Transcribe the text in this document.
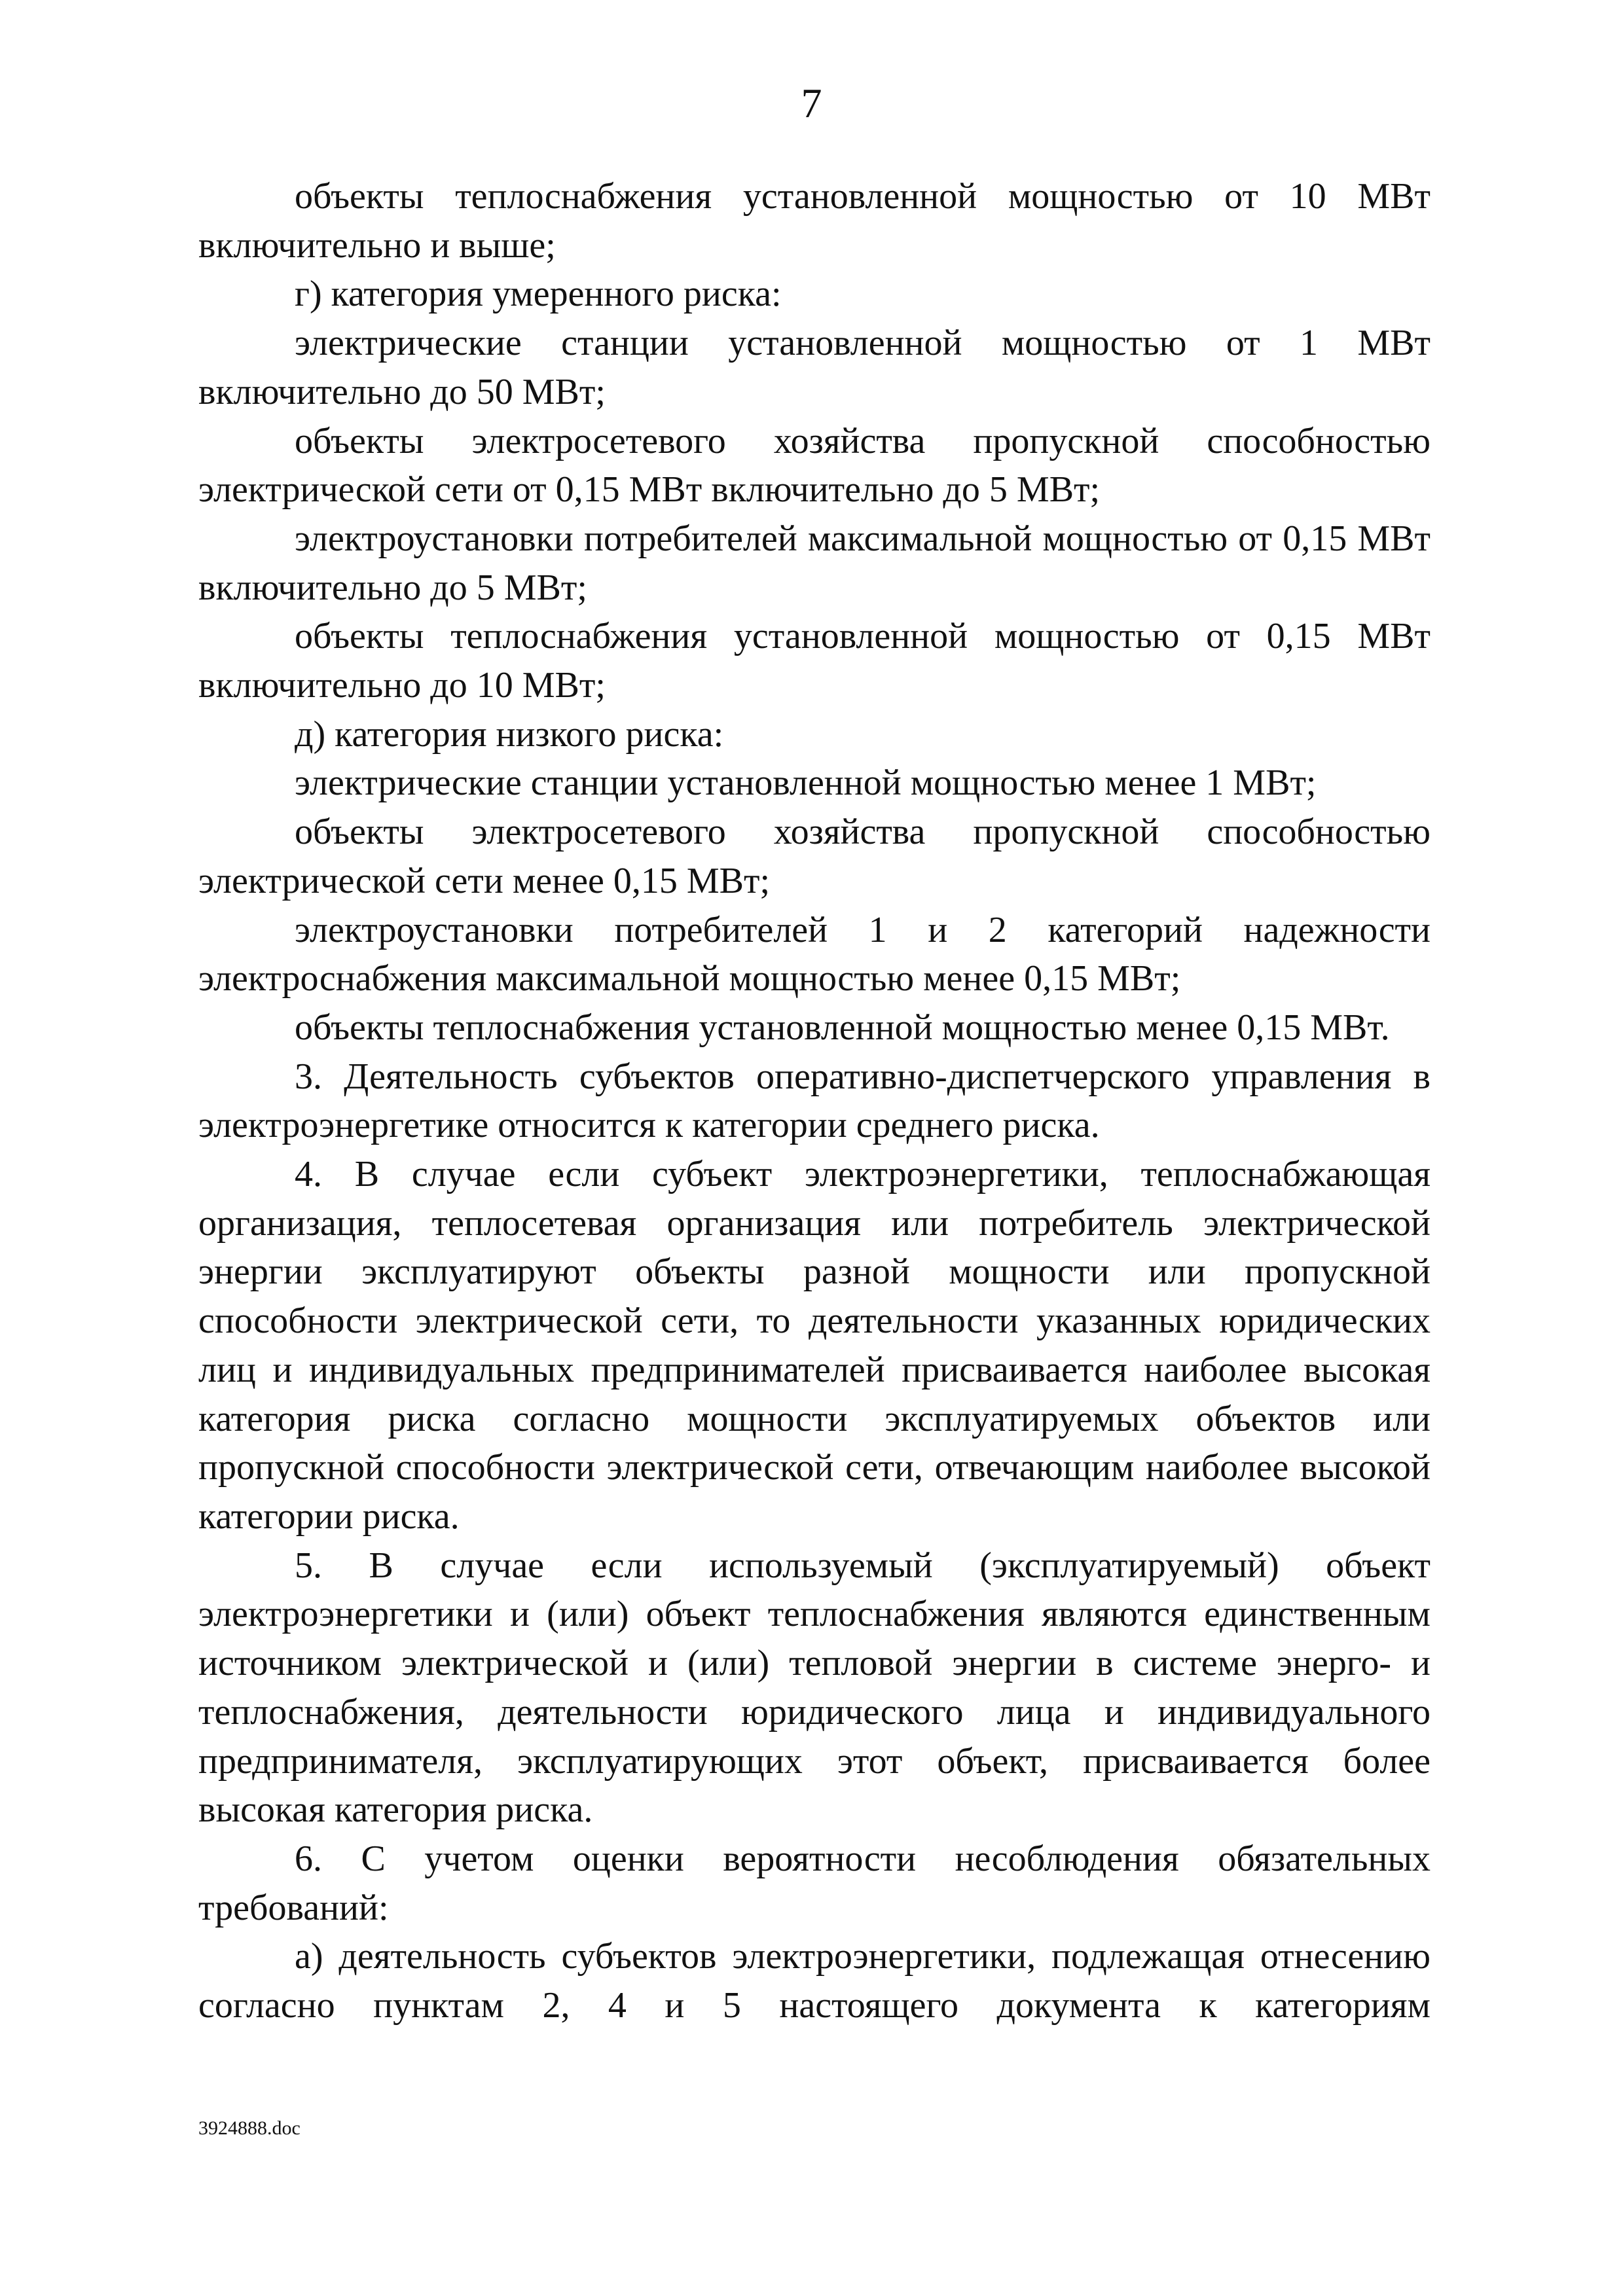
7

объекты теплоснабжения установленной мощностью от 10 МВт включительно и выше;

г) категория умеренного риска:

электрические станции установленной мощностью от 1 МВт включительно до 50 МВт;

объекты электросетевого хозяйства пропускной способностью электрической сети от 0,15 МВт включительно до 5 МВт;

электроустановки потребителей максимальной мощностью от 0,15 МВт включительно до 5 МВт;

объекты теплоснабжения установленной мощностью от 0,15 МВт включительно до 10 МВт;

д) категория низкого риска:

электрические станции установленной мощностью менее 1 МВт;

объекты электросетевого хозяйства пропускной способностью электрической сети менее 0,15 МВт;

электроустановки потребителей 1 и 2 категорий надежности электроснабжения максимальной мощностью менее 0,15 МВт;

объекты теплоснабжения установленной мощностью менее 0,15 МВт.

3. Деятельность субъектов оперативно-диспетчерского управления в электроэнергетике относится к категории среднего риска.

4. В случае если субъект электроэнергетики, теплоснабжающая организация, теплосетевая организация или потребитель электрической энергии эксплуатируют объекты разной мощности или пропускной способности электрической сети, то деятельности указанных юридических лиц и индивидуальных предпринимателей присваивается наиболее высокая категория риска согласно мощности эксплуатируемых объектов или пропускной способности электрической сети, отвечающим наиболее высокой категории риска.

5. В случае если используемый (эксплуатируемый) объект электроэнергетики и (или) объект теплоснабжения являются единственным источником электрической и (или) тепловой энергии в системе энерго- и теплоснабжения, деятельности юридического лица и индивидуального предпринимателя, эксплуатирующих этот объект, присваивается более высокая категория риска.

6. С учетом оценки вероятности несоблюдения обязательных требований:

а) деятельность субъектов электроэнергетики, подлежащая отнесению согласно пунктам 2, 4 и 5 настоящего документа к категориям

3924888.doc
